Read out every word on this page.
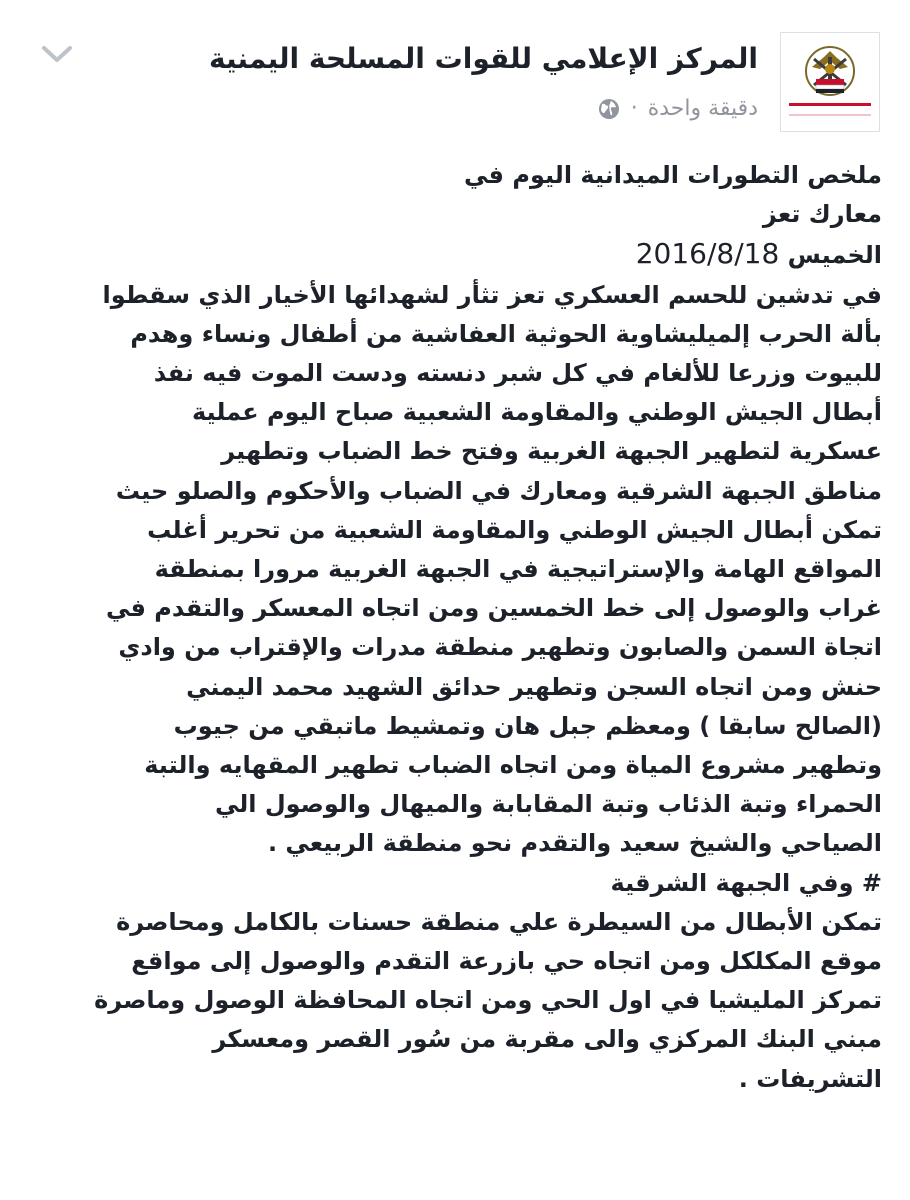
المركز الإعلامي للقوات المسلحة اليمنية
دقيقة واحدة
·
ملخص التطورات الميدانية اليوم في
معارك تعز
الخميس 2016/8/18
في تدشين للحسم العسكري تعز تثأر لشهدائها الأخيار الذي سقطوا
بألة الحرب إلميليشاوية الحوثية العفاشية من أطفال ونساء وهدم
للبيوت وزرعا للألغام في كل شبر دنسته ودست الموت فيه نفذ
أبطال الجيش الوطني والمقاومة الشعبية صباح اليوم عملية
عسكرية لتطهير الجبهة الغربية وفتح خط الضباب وتطهير
مناطق الجبهة الشرقية ومعارك في الضباب والأحكوم والصلو حيث
تمكن أبطال الجيش الوطني والمقاومة الشعبية من تحرير أغلب
المواقع الهامة والإستراتيجية في الجبهة الغربية مرورا بمنطقة
غراب والوصول إلى خط الخمسين ومن اتجاه المعسكر والتقدم في
اتجاة السمن والصابون وتطهير منطقة مدرات والإقتراب من وادي
حنش ومن اتجاه السجن وتطهير حدائق الشهيد محمد اليمني
(الصالح سابقا ) ومعظم جبل هان وتمشيط ماتبقي من جيوب
وتطهير مشروع المياة ومن اتجاه الضباب تطهير المقهايه والتبة
الحمراء وتبة الذئاب وتبة المقابابة والميهال والوصول الي
الصياحي والشيخ سعيد والتقدم نحو منطقة الربيعي .
# وفي الجبهة الشرقية
تمكن الأبطال من السيطرة علي منطقة حسنات بالكامل ومحاصرة
موقع المكلكل ومن اتجاه حي بازرعة التقدم والوصول إلى مواقع
تمركز المليشيا في اول الحي ومن اتجاه المحافظة الوصول وماصرة
مبني البنك المركزي والى مقربة من سُور القصر ومعسكر
التشريفات .
